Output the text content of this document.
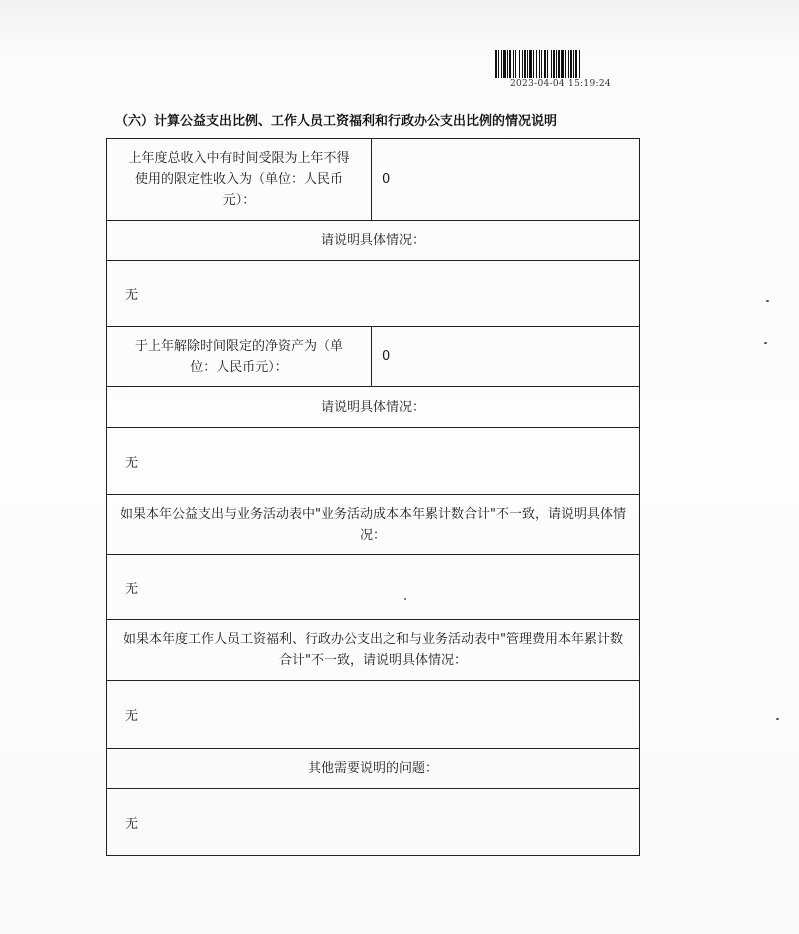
2023-04-04 15:19:24
（六）计算公益支出比例、工作人员工资福利和行政办公支出比例的情况说明
上年度总收入中有时间受限为上年不得使用的限定性收入为（单位：人民币元）：
0
请说明具体情况：
无
于上年解除时间限定的净资产为（单位：人民币元）：
0
请说明具体情况：
无
如果本年公益支出与业务活动表中"业务活动成本本年累计数合计"不一致，请说明具体情况：
无
如果本年度工作人员工资福利、行政办公支出之和与业务活动表中"管理费用本年累计数合计"不一致，请说明具体情况：
无
其他需要说明的问题：
无
